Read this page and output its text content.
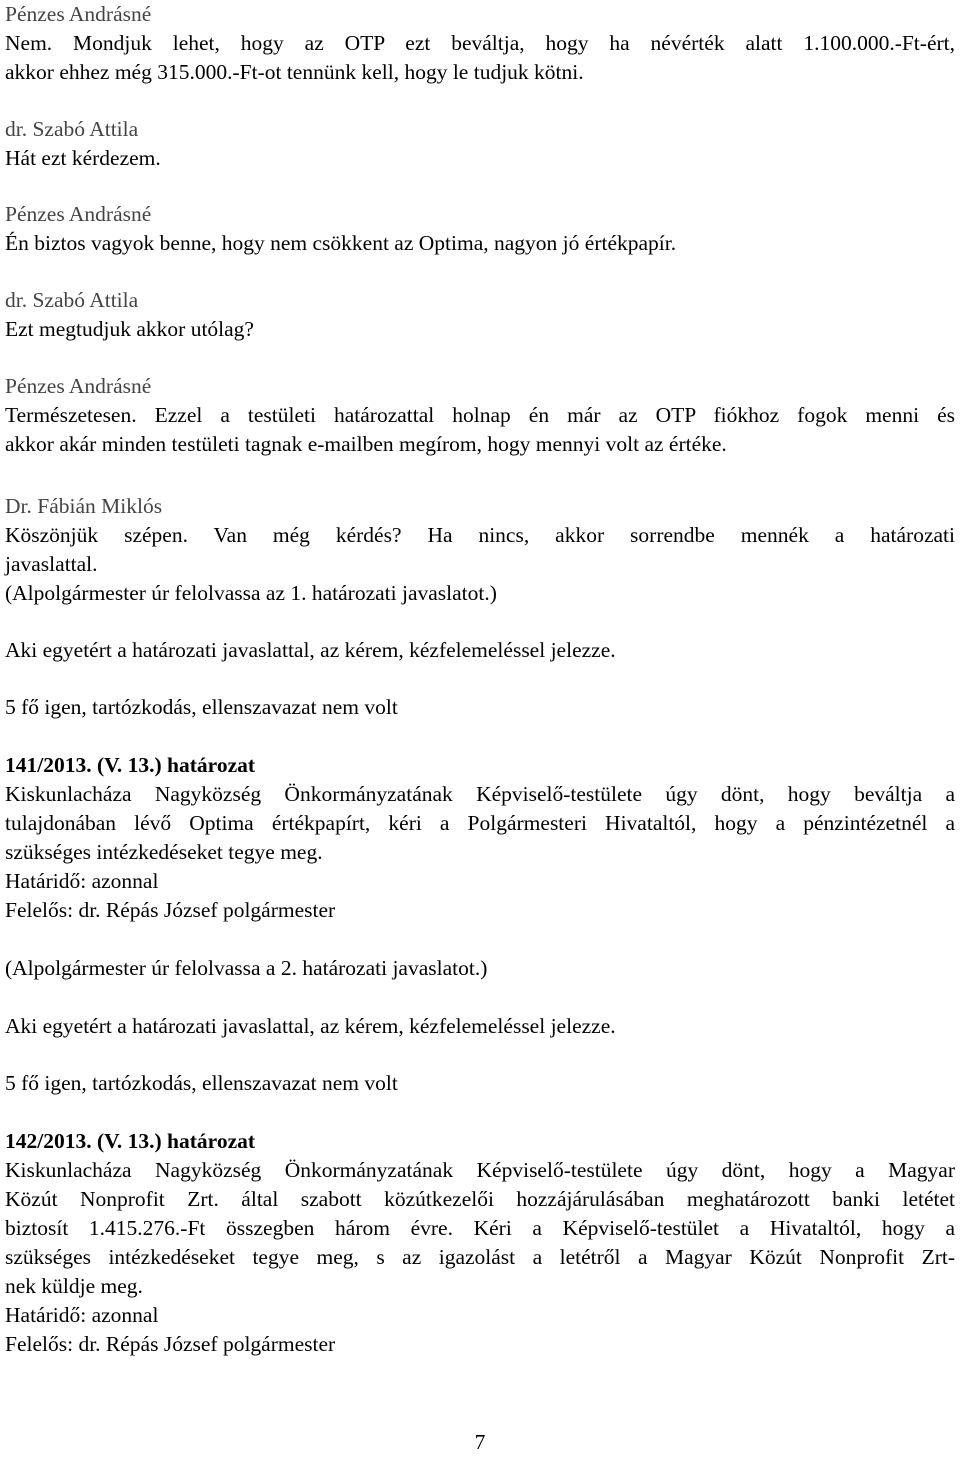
Pénzes Andrásné
Nem. Mondjuk lehet, hogy az OTP ezt beváltja, hogy ha névérték alatt 1.100.000.-Ft-ért,
akkor ehhez még 315.000.-Ft-ot tennünk kell, hogy le tudjuk kötni.
dr. Szabó Attila
Hát ezt kérdezem.
Pénzes Andrásné
Én biztos vagyok benne, hogy nem csökkent az Optima, nagyon jó értékpapír.
dr. Szabó Attila
Ezt megtudjuk akkor utólag?
Pénzes Andrásné
Természetesen. Ezzel a testületi határozattal holnap én már az OTP fiókhoz fogok menni és
akkor akár minden testületi tagnak e-mailben megírom, hogy mennyi volt az értéke.
Dr. Fábián Miklós
Köszönjük szépen. Van még kérdés? Ha nincs, akkor sorrendbe mennék a határozati
javaslattal.
(Alpolgármester úr felolvassa az 1. határozati javaslatot.)
Aki egyetért a határozati javaslattal, az kérem, kézfelemeléssel jelezze.
5 fő igen, tartózkodás, ellenszavazat nem volt
141/2013. (V. 13.) határozat
Kiskunlacháza Nagyközség Önkormányzatának Képviselő-testülete úgy dönt, hogy beváltja a
tulajdonában lévő Optima értékpapírt, kéri a Polgármesteri Hivataltól, hogy a pénzintézetnél a
szükséges intézkedéseket tegye meg.
Határidő: azonnal
Felelős: dr. Répás József polgármester
(Alpolgármester úr felolvassa a 2. határozati javaslatot.)
Aki egyetért a határozati javaslattal, az kérem, kézfelemeléssel jelezze.
5 fő igen, tartózkodás, ellenszavazat nem volt
142/2013. (V. 13.) határozat
Kiskunlacháza Nagyközség Önkormányzatának Képviselő-testülete úgy dönt, hogy a Magyar
Közút Nonprofit Zrt. által szabott közútkezelői hozzájárulásában meghatározott banki letétet
biztosít 1.415.276.-Ft összegben három évre. Kéri a Képviselő-testület a Hivataltól, hogy a
szükséges intézkedéseket tegye meg, s az igazolást a letétről a Magyar Közút Nonprofit Zrt-
nek küldje meg.
Határidő: azonnal
Felelős: dr. Répás József polgármester
7
